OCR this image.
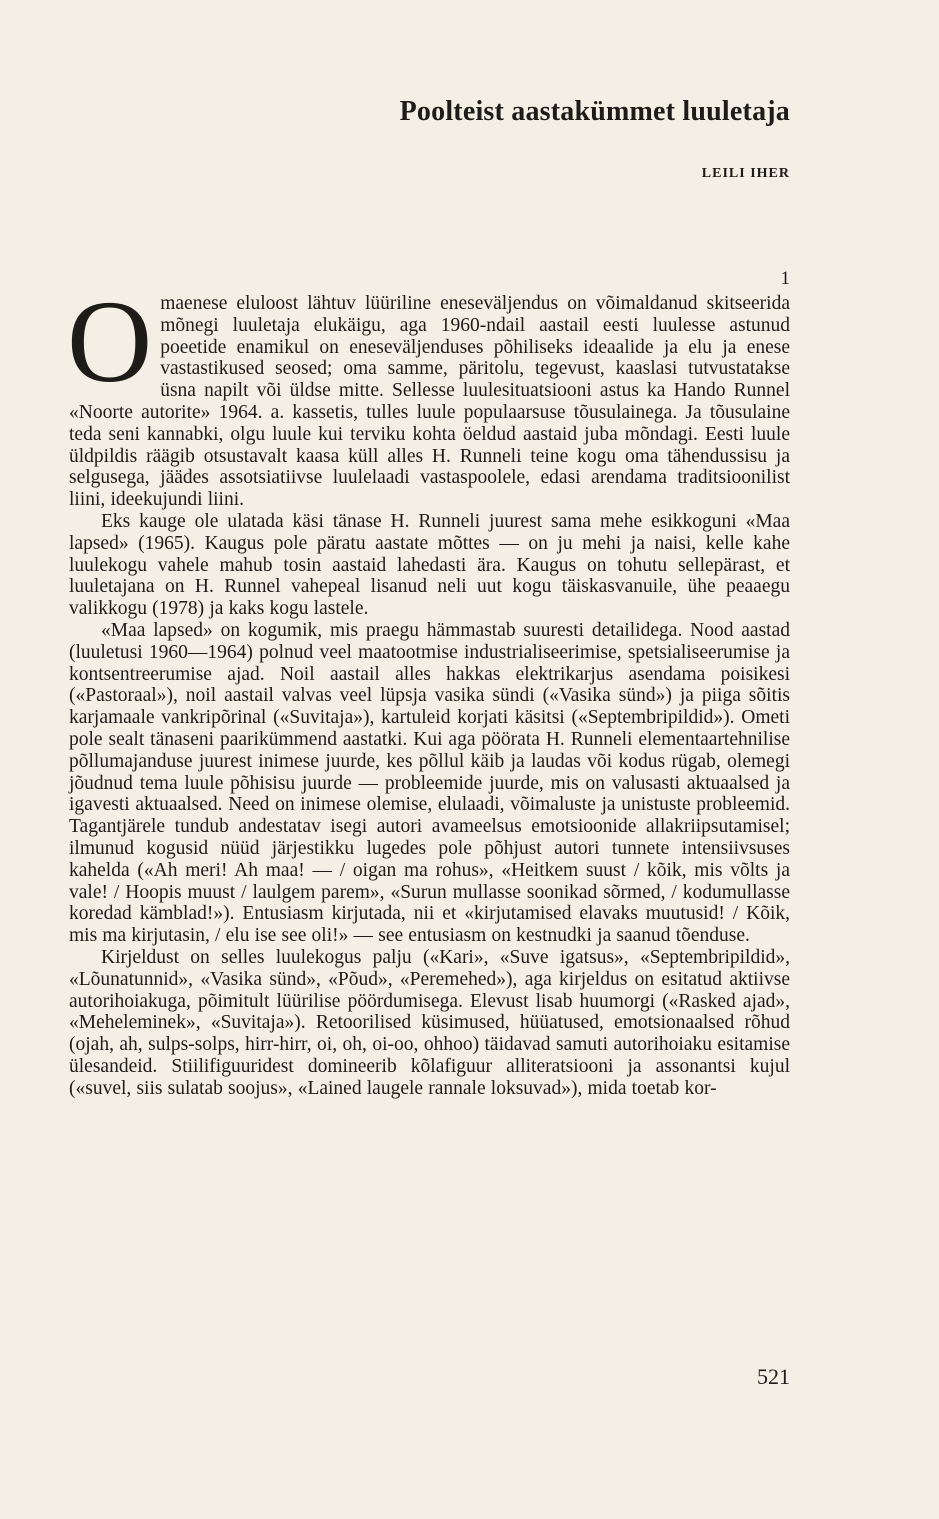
Poolteist aastakümmet luuletaja
LEILI IHER
1

Omaenese eluloost lähtuv lüüriline eneseväljendus on võimaldanud skitseerida mõnegi luuletaja elukäigu, aga 1960-ndail aastail eesti luulesse astunud poeetide enamikul on eneseväljenduses põhiliseks ideaalide ja elu ja enese vastastikused seosed; oma samme, päritolu, tegevust, kaaslasi tutvustatakse üsna napilt või üldse mitte. Sellesse luulesituatsiooni astus ka Hando Runnel «Noorte autorite» 1964. a. kassetis, tulles luule populaarsuse tõusulainega. Ja tõusulaine teda seni kannabki, olgu luule kui terviku kohta öeldud aastaid juba mõndagi. Eesti luule üldpildis räägib otsustavalt kaasa küll alles H. Runneli teine kogu oma tähendussisu ja selgusega, jäädes assotsiatiivse luulelaadi vastaspoolele, edasi arendama traditsioonilist liini, ideekujundi liini.

Eks kauge ole ulatada käsi tänase H. Runneli juurest sama mehe esikkoguni «Maa lapsed» (1965). Kaugus pole päratu aastate mõttes — on ju mehi ja naisi, kelle kahe luulekogu vahele mahub tosin aastaid lahedasti ära. Kaugus on tohutu sellepärast, et luuletajana on H. Runnel vahepeal lisanud neli uut kogu täiskasvanuile, ühe peaaegu valikkogu (1978) ja kaks kogu lastele.

«Maa lapsed» on kogumik, mis praegu hämmastab suuresti detailidega. Nood aastad (luuletusi 1960—1964) polnud veel maatootmise industrialiseerimise, spetsialiseerumise ja kontsentreerumise ajad. Noil aastail alles hakkas elektrikarjus asendama poisikesi («Pastoraal»), noil aastail valvas veel lüpsja vasika sündi («Vasika sünd») ja piiga sõitis karjamaale vankripõrinal («Suvitaja»), kartuleid korjati käsitsi («Septembripildid»). Ometi pole sealt tänaseni paarikümmend aastatki. Kui aga pöörata H. Runneli elementaartehnilise põllumajanduse juurest inimese juurde, kes põllul käib ja laudas või kodus rügab, olemegi jõudnud tema luule põhisisu juurde — probleemide juurde, mis on valusasti aktuaalsed ja igavesti aktuaalsed. Need on inimese olemise, elulaadi, võimaluste ja unistuste probleemid. Tagantjärele tundub andestatav isegi autori avameelsus emotsioonide allakriipsutamisel; ilmunud kogusid nüüd järjestikku lugedes pole põhjust autori tunnete intensiivsuses kahelda («Ah meri! Ah maa! — / oigan ma rohus», «Heitkem suust / kõik, mis võlts ja vale! / Hoopis muust / laulgem parem», «Surun mullasse soonikad sõrmed, / kodumullasse koredad kämblad!»). Entusiasm kirjutada, nii et «kirjutamised elavaks muutusid! / Kõik, mis ma kirjutasin, / elu ise see oli!» — see entusiasm on kestnudki ja saanud tõenduse.

Kirjeldust on selles luulekogus palju («Kari», «Suve igatsus», «Septembripildid», «Lõunatunnid», «Vasika sünd», «Põud», «Peremehed»), aga kirjeldus on esitatud aktiivse autorihoiakuga, põimitult lüürilise pöördumisega. Elevust lisab huumorgi («Rasked ajad», «Meheleminek», «Suvitaja»). Retoorilised küsimused, hüüatused, emotsionaalsed rõhud (ojah, ah, sulps-solps, hirr-hirr, oi, oh, oi-oo, ohhoo) täidavad samuti autorihoiaku esitamise ülesandeid. Stiilifiguuridest domineerib kõlafiguur alliteratsiooni ja assonantsi kujul («suvel, siis sulatab soojus», «Lained laugele rannale loksuvad»), mida toetab kor-

521
